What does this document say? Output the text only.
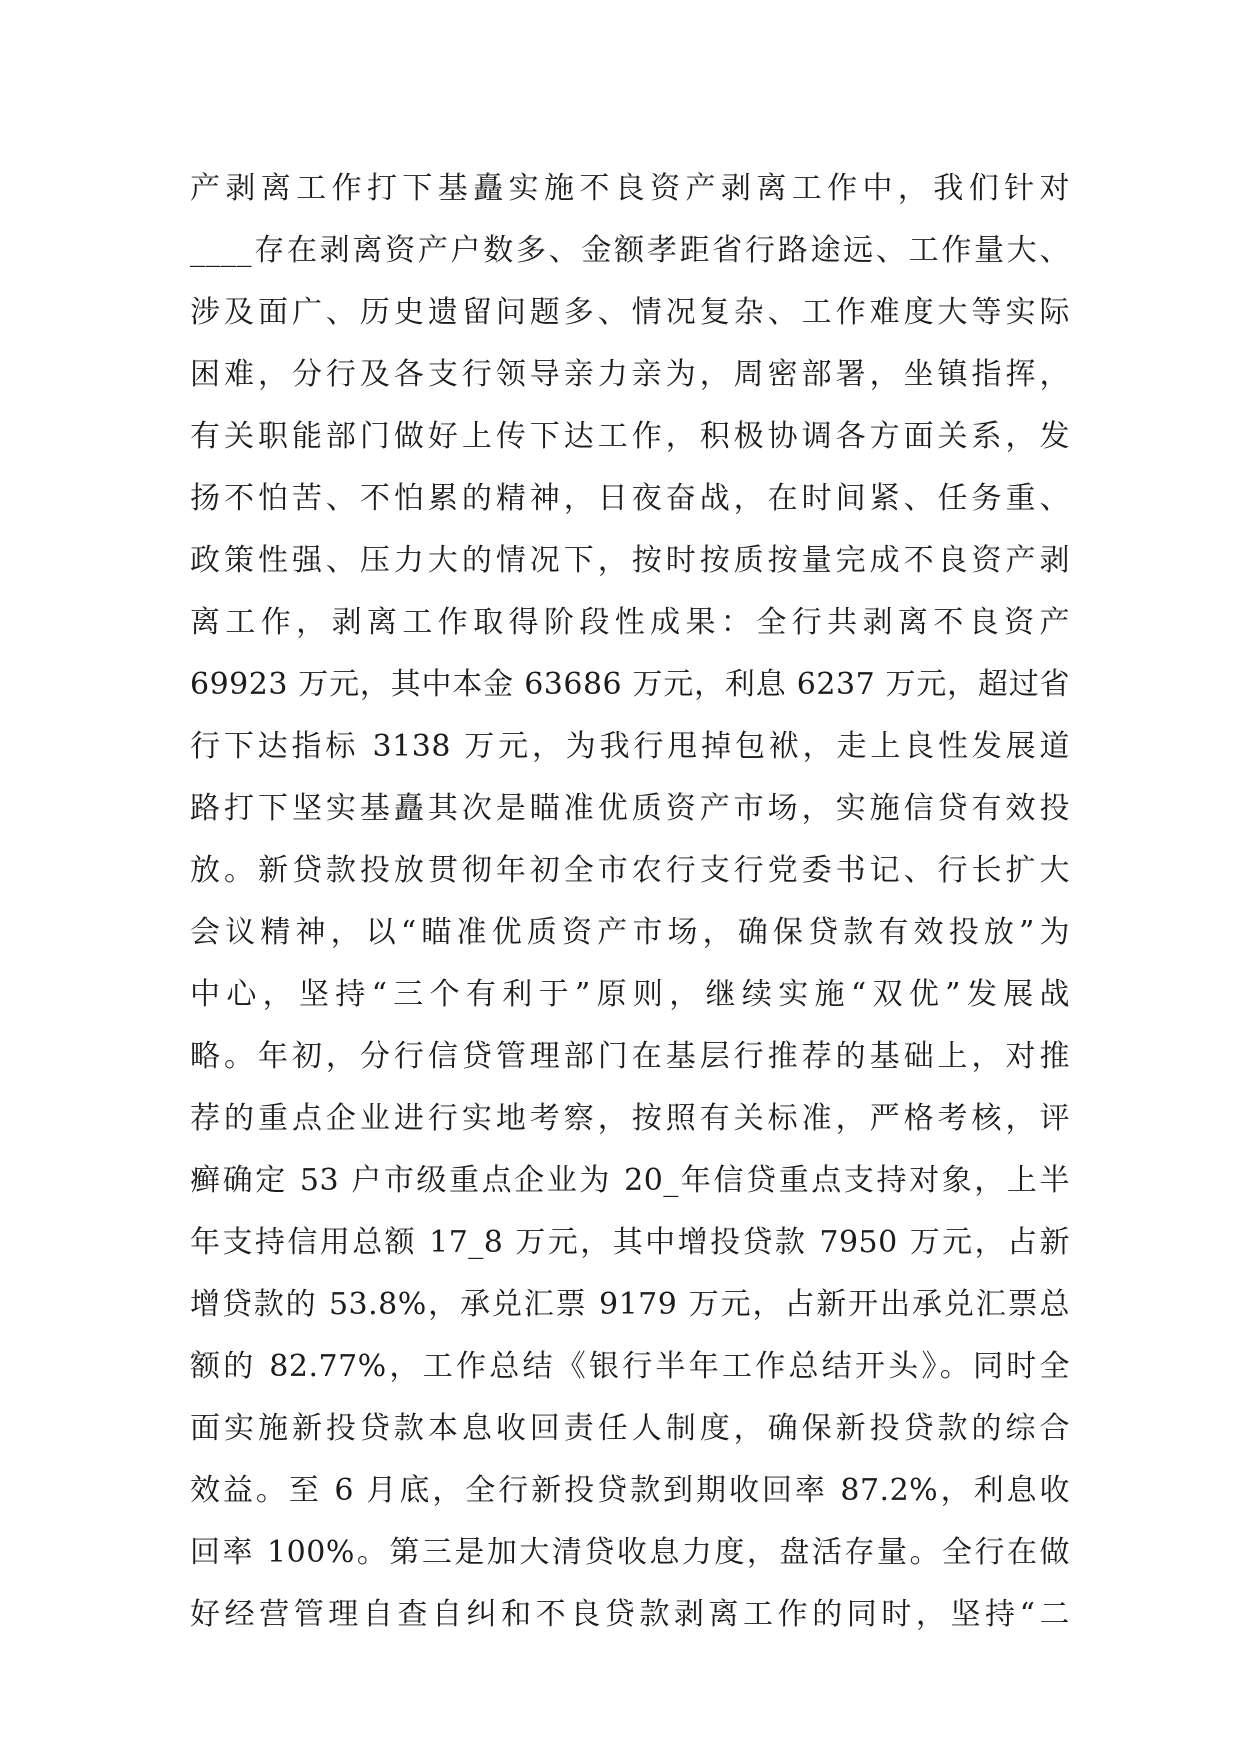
产剥离工作打下基矗实施不良资产剥离工作中，我们针对
____存在剥离资产户数多、金额孝距省行路途远、工作量大、
涉及面广、历史遗留问题多、情况复杂、工作难度大等实际
困难，分行及各支行领导亲力亲为，周密部署，坐镇指挥，
有关职能部门做好上传下达工作，积极协调各方面关系，发
扬不怕苦、不怕累的精神，日夜奋战，在时间紧、任务重、
政策性强、压力大的情况下，按时按质按量完成不良资产剥
离工作，剥离工作取得阶段性成果：全行共剥离不良资产
69923 万元，其中本金 63686 万元，利息 6237 万元，超过省
行下达指标 3138 万元，为我行甩掉包袱，走上良性发展道
路打下坚实基矗其次是瞄准优质资产市场，实施信贷有效投
放。新贷款投放贯彻年初全市农行支行党委书记、行长扩大
会议精神，以“瞄准优质资产市场，确保贷款有效投放”为
中心，坚持“三个有利于”原则，继续实施“双优”发展战
略。年初，分行信贷管理部门在基层行推荐的基础上，对推
荐的重点企业进行实地考察，按照有关标准，严格考核，评
癣确定 53 户市级重点企业为 20_年信贷重点支持对象，上半
年支持信用总额 17_8 万元，其中增投贷款 7950 万元，占新
增贷款的 53.8%，承兑汇票 9179 万元，占新开出承兑汇票总
额的 82.77%，工作总结《银行半年工作总结开头》。同时全
面实施新投贷款本息收回责任人制度，确保新投贷款的综合
效益。至 6 月底，全行新投贷款到期收回率 87.2%，利息收
回率 100%。第三是加大清贷收息力度，盘活存量。全行在做
好经营管理自查自纠和不良贷款剥离工作的同时，坚持“二
